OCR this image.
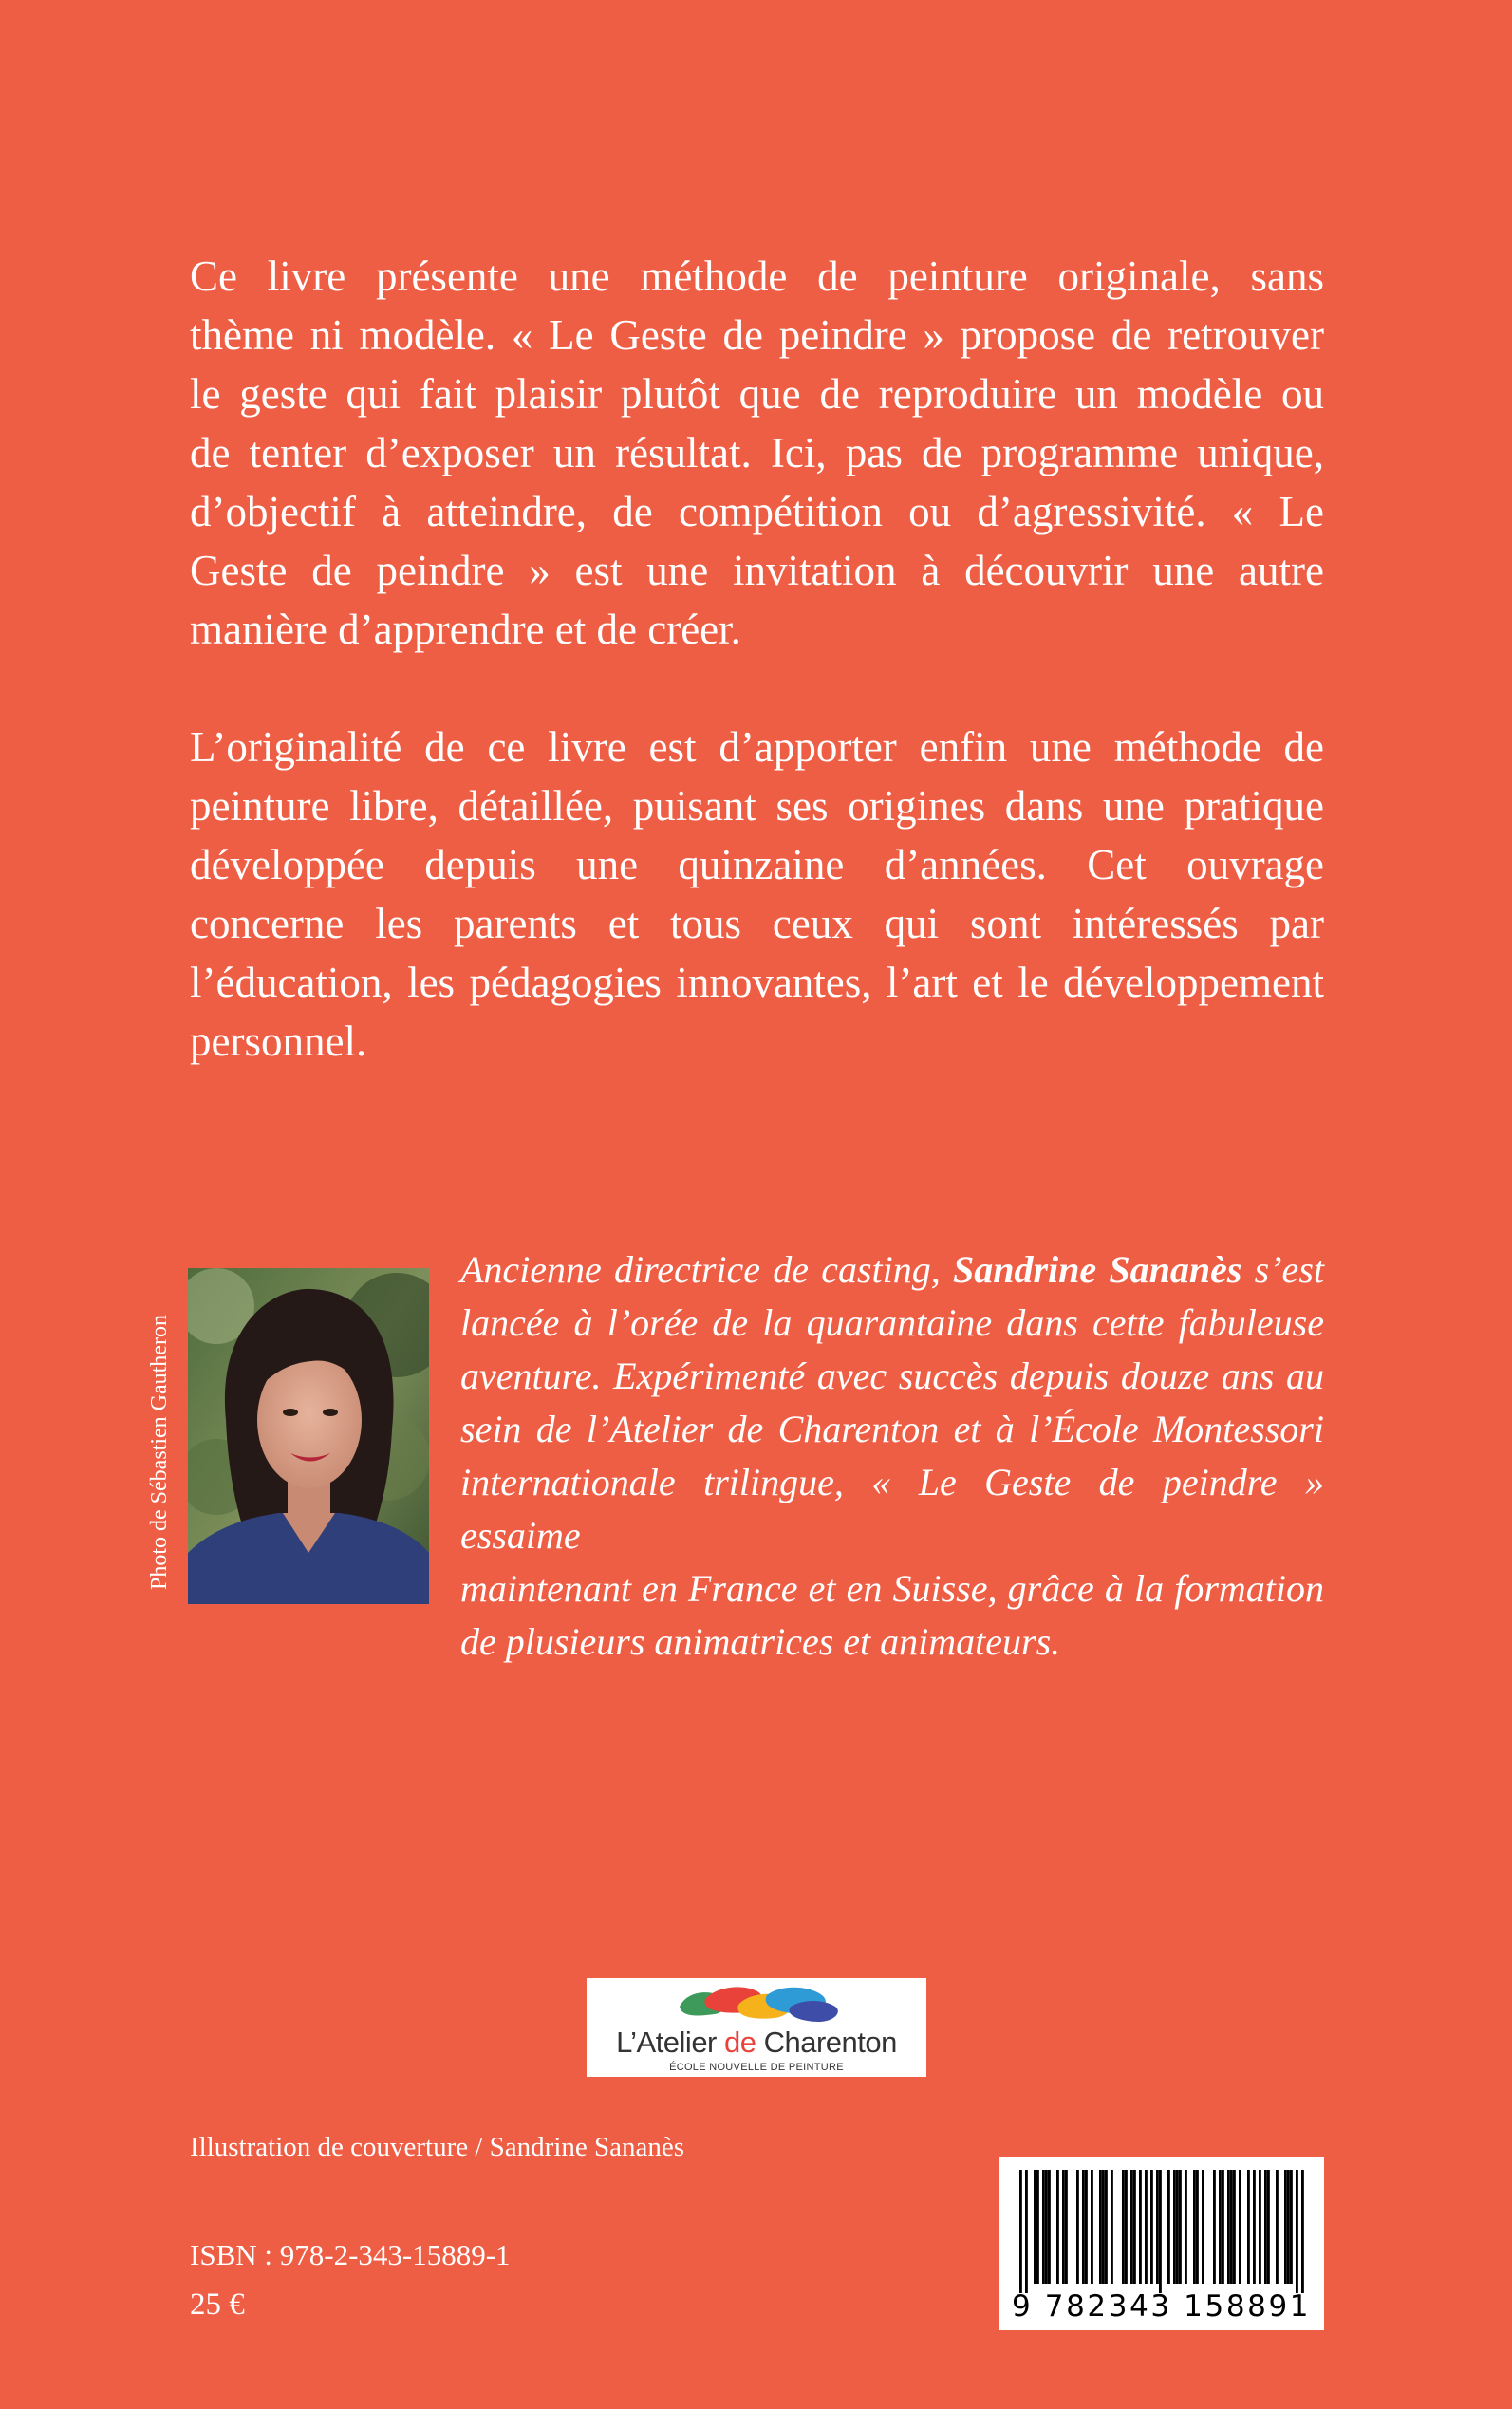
Ce livre présente une méthode de peinture originale, sans
thème ni modèle. « Le Geste de peindre » propose de retrouver
le geste qui fait plaisir plutôt que de reproduire un modèle ou
de tenter d’exposer un résultat. Ici, pas de programme unique,
d’objectif à atteindre, de compétition ou d’agressivité. « Le
Geste de peindre » est une invitation à découvrir une autre
manière d’apprendre et de créer.
L’originalité de ce livre est d’apporter enfin une méthode de
peinture libre, détaillée, puisant ses origines dans une pratique
développée depuis une quinzaine d’années. Cet ouvrage
concerne les parents et tous ceux qui sont intéressés par
l’éducation, les pédagogies innovantes, l’art et le développement
personnel.
Photo de Sébastien Gautheron
Ancienne directrice de casting, Sandrine Sananès s’est
lancée à l’orée de la quarantaine dans cette fabuleuse
aventure. Expérimenté avec succès depuis douze ans au
sein de l’Atelier de Charenton et à l’École Montessori
internationale trilingue, « Le Geste de peindre » essaime
maintenant en France et en Suisse, grâce à la formation
de plusieurs animatrices et animateurs.
L’Atelier de Charenton
ÉCOLE NOUVELLE DE PEINTURE
Illustration de couverture / Sandrine Sananès
ISBN : 978-2-343-15889-1
25 €	9 782343 158891
